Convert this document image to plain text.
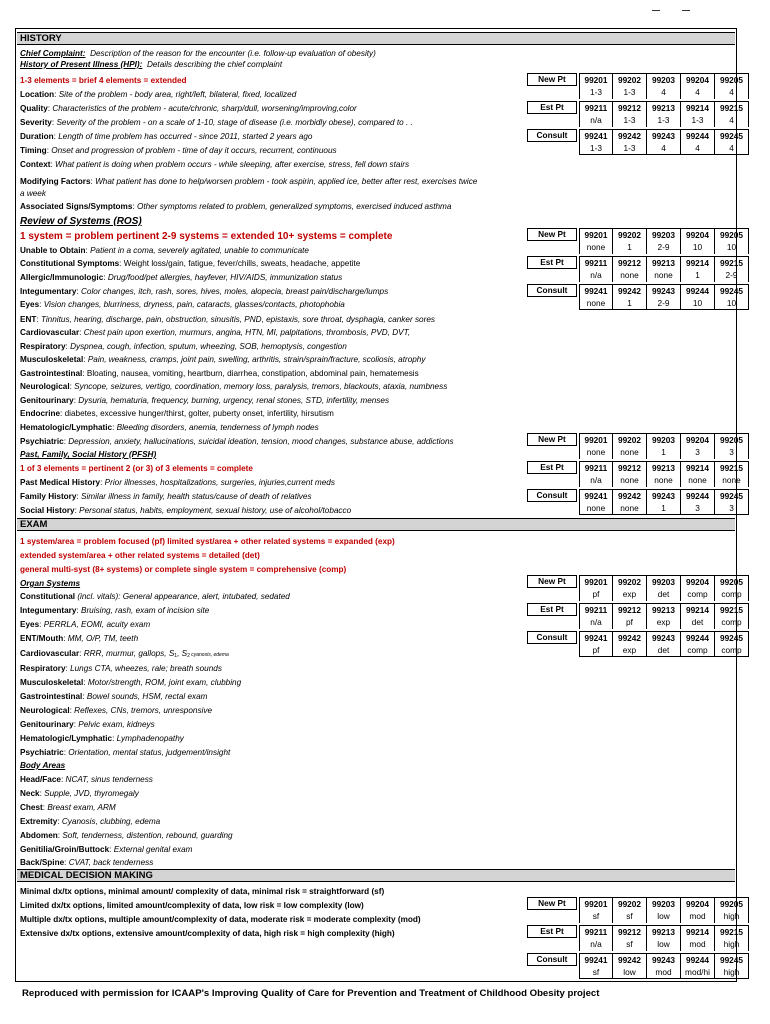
HISTORY
Chief Complaint: Description of the reason for the encounter (i.e. follow-up evaluation of obesity)
History of Present Illness (HPI): Details describing the chief complaint
1-3 elements = brief 4 elements = extended
Location: Site of the problem - body area, right/left, bilateral, fixed, localized
Quality: Characteristics of the problem - acute/chronic, sharp/dull, worsening/improving,color
Severity: Severity of the problem - on a scale of 1-10, stage of disease (i.e. morbidly obese), compared to . .
Duration: Length of time problem has occurred - since 2011, started 2 years ago
Timing: Onset and progression of problem - time of day it occurs, recurrent, continuous
Context: What patient is doing when problem occurs - while sleeping, after exercise, stress, fell down stairs
Modifying Factors: What patient has done to help/worsen problem - took aspirin, applied ice, better after rest, exercises twice
a week
Associated Signs/Symptoms: Other symptoms related to problem, generalized symptoms, exercised induced asthma
Review of Systems (ROS)
1 system = problem pertinent 2-9 systems = extended 10+ systems = complete
Unable to Obtain: Patient in a coma, severely agitated, unable to communicate
Constitutional Symptoms: Weight loss/gain, fatigue, fever/chills, sweats, headache, appetite
Allergic/Immunologic: Drug/food/pet allergies, hayfever, HIV/AIDS, immunization status
Integumentary: Color changes, itch, rash, sores, hives, moles, alopecia, breast pain/discharge/lumps
Eyes: Vision changes, blurriness, dryness, pain, cataracts, glasses/contacts, photophobia
ENT: Tinnitus, hearing, discharge, pain, obstruction, sinusitis, PND, epistaxis, sore throat, dysphagia, canker sores
Cardiovascular: Chest pain upon exertion, murmurs, angina, HTN, MI, palpitations, thrombosis, PVD, DVT,
Respiratory: Dyspnea, cough, infection, sputum, wheezing, SOB, hemoptysis, congestion
Musculoskeletal: Pain, weakness, cramps, joint pain, swelling, arthritis, strain/sprain/fracture, scoliosis, atrophy
Gastrointestinal: Bloating, nausea, vomiting, heartburn, diarrhea, constipation, abdominal pain, hematemesis
Neurological: Syncope, seizures, vertigo, coordination, memory loss, paralysis, tremors, blackouts, ataxia, numbness
Genitourinary: Dysuria, hematuria, frequency, burning, urgency, renal stones, STD, infertility, menses
Endocrine: diabetes, excessive hunger/thirst, golter, puberty onset, infertility, hirsutism
Hematologic/Lymphatic: Bleeding disorders, anemia, tenderness of lymph nodes
Psychiatric: Depression, anxiety, hallucinations, suicidal ideation, tension, mood changes, substance abuse, addictions
Past, Family, Social History (PFSH)
1 of 3 elements = pertinent 2 (or 3) of 3 elements = complete
Past Medical History: Prior illnesses, hospitalizations, surgeries, injuries,current meds
Family History: Similar illness in family, health status/cause of death of relatives
Social History: Personal status, habits, employment, sexual history, use of alcohol/tobacco
EXAM
1 system/area = problem focused (pf) limited syst/area + other related systems = expanded (exp)
extended system/area + other related systems = detailed (det)
general multi-syst (8+ systems) or complete single system = comprehensive (comp)
Organ Systems
Constitutional (incl. vitals): General appearance, alert, intubated, sedated
Integumentary: Bruising, rash, exam of incision site
Eyes: PERRLA, EOMI, acuity exam
ENT/Mouth: MM, O/P, TM, teeth
Cardiovascular: RRR, murmur, gallops, $S_1$, $S_2$ cyanosis, edema
Respiratory: Lungs CTA, wheezes, rale; breath sounds
Musculoskeletal: Motor/strength, ROM, joint exam, clubbing
Gastrointestinal: Bowel sounds, HSM, rectal exam
Neurological: Reflexes, CNs, tremors, unresponsive
Genitourinary: Pelvic exam, kidneys
Hematologic/Lymphatic: Lymphadenopathy
Psychiatric: Orientation, mental status, judgement/insight
Body Areas
Head/Face: NCAT, sinus tenderness
Neck: Supple, JVD, thyromegaly
Chest: Breast exam, ARM
Extremity: Cyanosis, clubbing, edema
Abdomen: Soft, tenderness, distention, rebound, guarding
Genitilia/Groin/Buttock: External genital exam
Back/Spine: CVAT, back tenderness
MEDICAL DECISION MAKING
Minimal dx/tx options, minimal amount/ complexity of data, minimal risk = straightforward (sf)
Limited dx/tx options, limited amount/complexity of data, low risk = low complexity (low)
Multiple dx/tx options, multiple amount/complexity of data, moderate risk = moderate complexity (mod)
Extensive dx/tx options, extensive amount/complexity of data, high risk = high complexity (high)
New Pt	99201	99202	99203	99204	99205
1-3	1-3	4	4	4
Est Pt	99211	99212	99213	99214	99215
n/a	1-3	1-3	1-3	4
Consult	99241	99242	99243	99244	99245
1-3	1-3	4	4	4
New Pt	99201	99202	99203	99204	99205
none	1	2-9	10	10
Est Pt	99211	99212	99213	99214	99215
n/a	none	none	1	2-9
Consult	99241	99242	99243	99244	99245
none	1	2-9	10	10
New Pt	99201	99202	99203	99204	99205
none	none	1	3	3
Est Pt	99211	99212	99213	99214	99215
n/a	none	none	none	none
Consult	99241	99242	99243	99244	99245
none	none	1	3	3
New Pt	99201	99202	99203	99204	99205
pf	exp	det	comp	comp
Est Pt	99211	99212	99213	99214	99215
n/a	pf	exp	det	comp
Consult	99241	99242	99243	99244	99245
pf	exp	det	comp	comp
New Pt	99201	99202	99203	99204	99205
sf	sf	low	mod	high
Est Pt	99211	99212	99213	99214	99215
n/a	sf	low	mod	high
Consult	99241	99242	99243	99244	99245
sf	low	mod	mod/hi	high
Reproduced with permission for ICAAP's Improving Quality of Care for Prevention and Treatment of Childhood Obesity project
